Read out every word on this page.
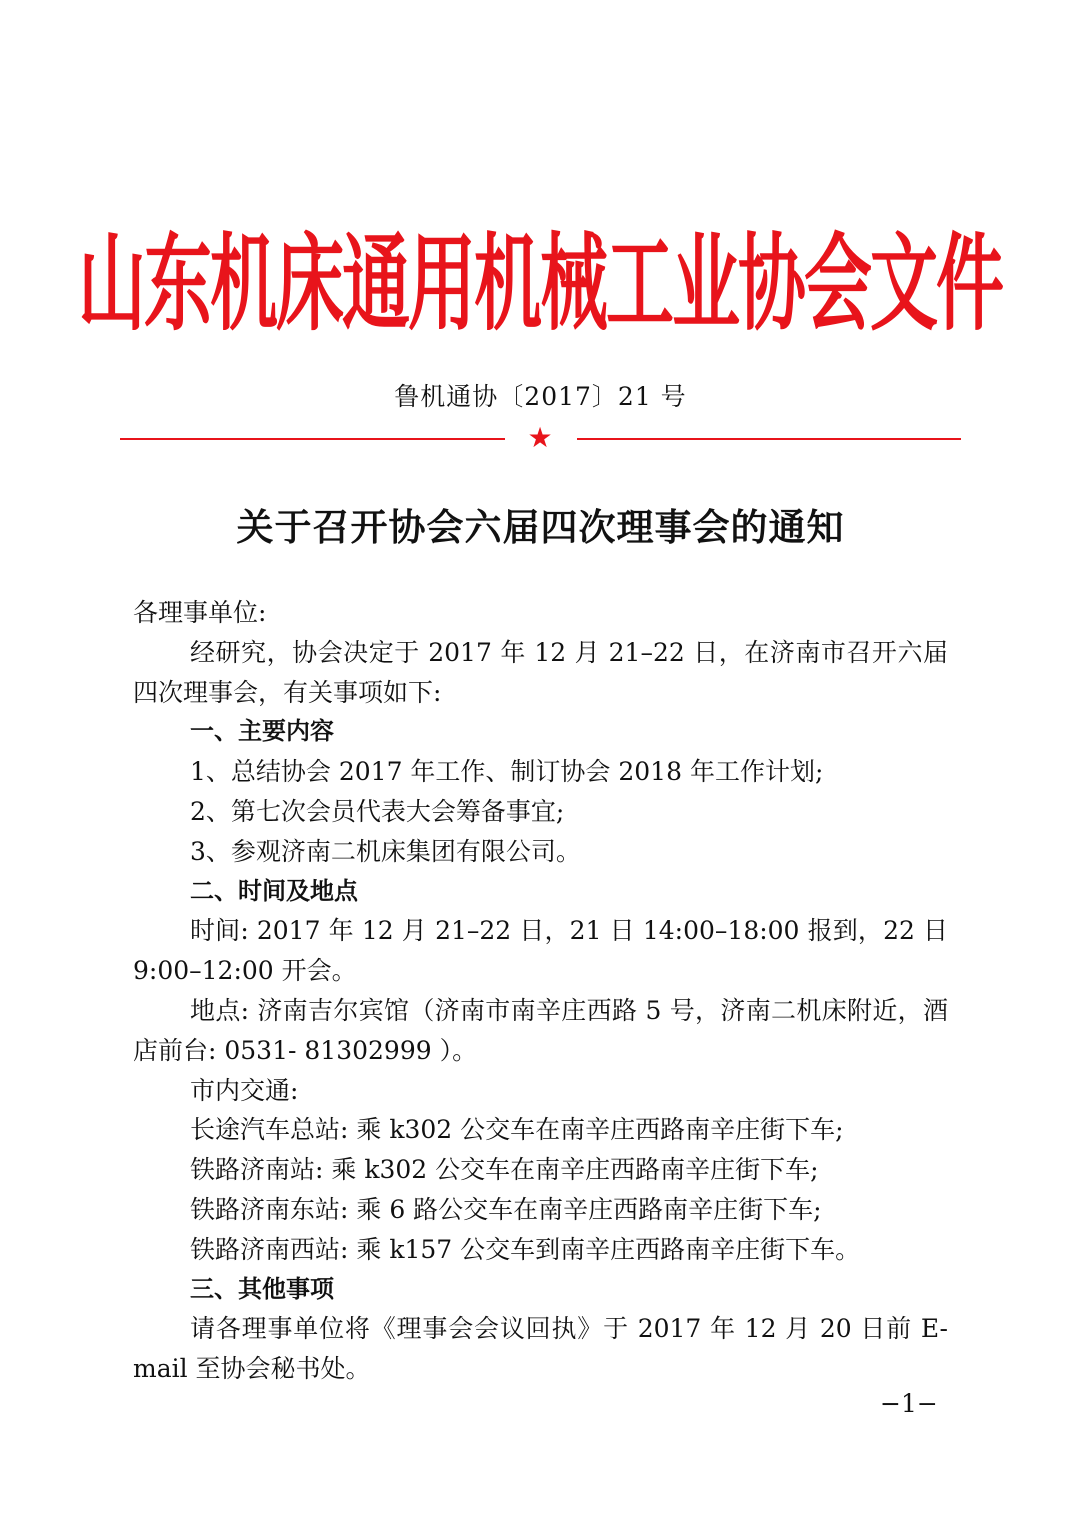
山东机床通用机械工业协会文件
鲁机通协〔2017〕21 号
★
关于召开协会六届四次理事会的通知

各理事单位:

经研究，协会决定于 2017 年 12 月 21–22 日，在济南市召开六届四次理事会，有关事项如下:

一、主要内容

1、总结协会 2017 年工作、制订协会 2018 年工作计划;

2、第七次会员代表大会筹备事宜;

3、参观济南二机床集团有限公司。

二、时间及地点

时间: 2017 年 12 月 21–22 日，21 日 14:00–18:00 报到，22 日 9:00–12:00 开会。

地点: 济南吉尔宾馆（济南市南辛庄西路 5 号，济南二机床附近，酒店前台: 0531- 81302999 ）。

市内交通:

长途汽车总站: 乘 k302 公交车在南辛庄西路南辛庄街下车;

铁路济南站: 乘 k302 公交车在南辛庄西路南辛庄街下车;

铁路济南东站: 乘 6 路公交车在南辛庄西路南辛庄街下车;

铁路济南西站: 乘 k157 公交车到南辛庄西路南辛庄街下车。

三、其他事项

请各理事单位将《理事会会议回执》于 2017 年 12 月 20 日前 E-mail 至协会秘书处。

−1−
